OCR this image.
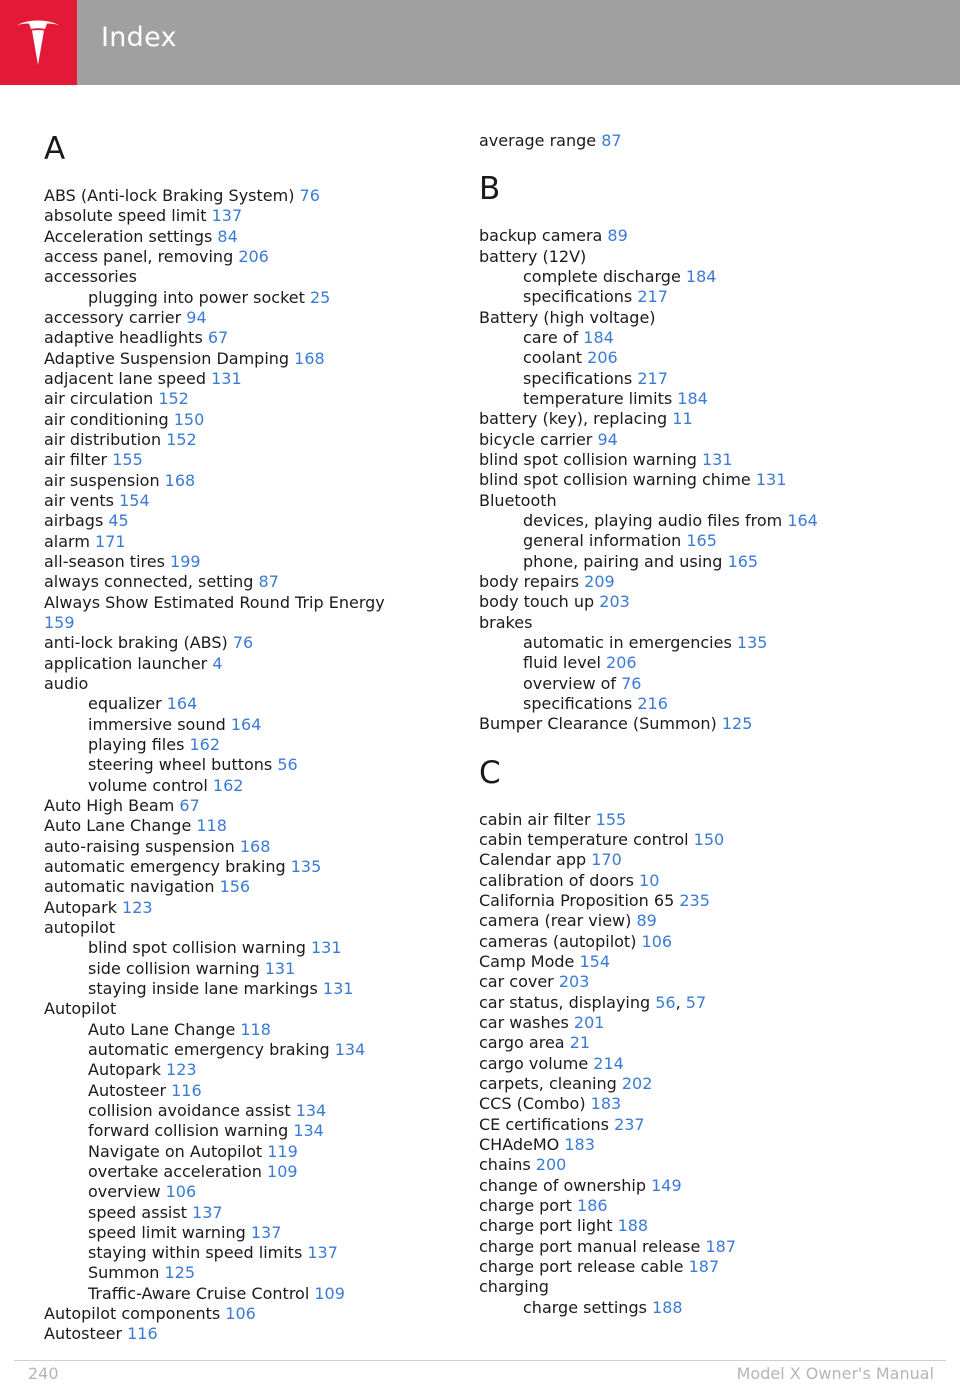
Index
A
ABS (Anti-lock Braking System) 76
absolute speed limit 137
Acceleration settings 84
access panel, removing 206
accessories
plugging into power socket 25
accessory carrier 94
adaptive headlights 67
Adaptive Suspension Damping 168
adjacent lane speed 131
air circulation 152
air conditioning 150
air distribution 152
air filter 155
air suspension 168
air vents 154
airbags 45
alarm 171
all-season tires 199
always connected, setting 87
Always Show Estimated Round Trip Energy
159
anti-lock braking (ABS) 76
application launcher 4
audio
equalizer 164
immersive sound 164
playing files 162
steering wheel buttons 56
volume control 162
Auto High Beam 67
Auto Lane Change 118
auto-raising suspension 168
automatic emergency braking 135
automatic navigation 156
Autopark 123
autopilot
blind spot collision warning 131
side collision warning 131
staying inside lane markings 131
Autopilot
Auto Lane Change 118
automatic emergency braking 134
Autopark 123
Autosteer 116
collision avoidance assist 134
forward collision warning 134
Navigate on Autopilot 119
overtake acceleration 109
overview 106
speed assist 137
speed limit warning 137
staying within speed limits 137
Summon 125
Traffic-Aware Cruise Control 109
Autopilot components 106
Autosteer 116
average range 87
B
backup camera 89
battery (12V)
complete discharge 184
specifications 217
Battery (high voltage)
care of 184
coolant 206
specifications 217
temperature limits 184
battery (key), replacing 11
bicycle carrier 94
blind spot collision warning 131
blind spot collision warning chime 131
Bluetooth
devices, playing audio files from 164
general information 165
phone, pairing and using 165
body repairs 209
body touch up 203
brakes
automatic in emergencies 135
fluid level 206
overview of 76
specifications 216
Bumper Clearance (Summon) 125
C
cabin air filter 155
cabin temperature control 150
Calendar app 170
calibration of doors 10
California Proposition 65 235
camera (rear view) 89
cameras (autopilot) 106
Camp Mode 154
car cover 203
car status, displaying 56, 57
car washes 201
cargo area 21
cargo volume 214
carpets, cleaning 202
CCS (Combo) 183
CE certifications 237
CHAdeMO 183
chains 200
change of ownership 149
charge port 186
charge port light 188
charge port manual release 187
charge port release cable 187
charging
charge settings 188
240	Model X Owner's Manual
